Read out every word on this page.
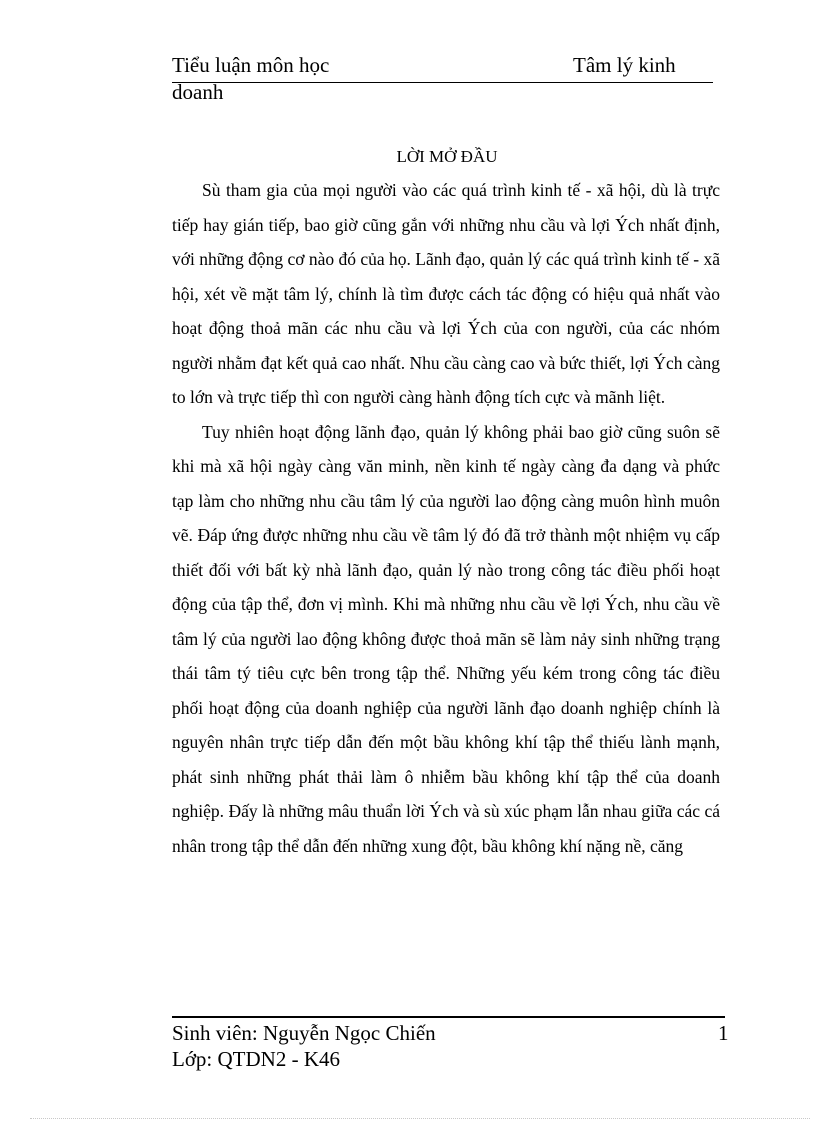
Tiểu luận môn học	Tâm lý kinh
doanh
LỜI MỞ ĐẦU

Sù tham gia của mọi người vào các quá trình kinh tế - xã hội, dù là trực tiếp hay gián tiếp, bao giờ cũng gắn với những nhu cầu và lợi Ých nhất định, với những động cơ nào đó của họ. Lãnh đạo, quản lý các quá trình kinh tế - xã hội, xét về mặt tâm lý, chính là tìm được cách tác động có hiệu quả nhất vào hoạt động thoả mãn các nhu cầu và lợi Ých của con người, của các nhóm người nhằm đạt kết quả cao nhất. Nhu cầu càng cao và bức thiết, lợi Ých càng to lớn và trực tiếp thì con người càng hành động tích cực và mãnh liệt.

Tuy nhiên hoạt động lãnh đạo, quản lý không phải bao giờ cũng suôn sẽ khi mà xã hội ngày càng văn minh, nền kinh tế ngày càng đa dạng và phức tạp làm cho những nhu cầu tâm lý của người lao động càng muôn hình muôn vẽ. Đáp ứng được những nhu cầu về tâm lý đó đã trở thành một nhiệm vụ cấp thiết đối với bất kỳ nhà lãnh đạo, quản lý nào trong công tác điều phối hoạt động của tập thể, đơn vị mình. Khi mà những nhu cầu về lợi Ých, nhu cầu về tâm lý của người lao động không được thoả mãn sẽ làm nảy sinh những trạng thái tâm tý tiêu cực bên trong tập thể. Những yếu kém trong công tác điều phối hoạt động của doanh nghiệp của người lãnh đạo doanh nghiệp chính là nguyên nhân trực tiếp dẫn đến một bầu không khí tập thể thiếu lành mạnh, phát sinh những phát thải làm ô nhiễm bầu không khí tập thể của doanh nghiệp. Đấy là những mâu thuẩn lời Ých và sù xúc phạm lẫn nhau giữa các cá nhân trong tập thể dẫn đến những xung đột, bầu không khí nặng nề, căng

Sinh viên: Nguyễn Ngọc Chiến
Lớp: QTDN2 - K46
1
